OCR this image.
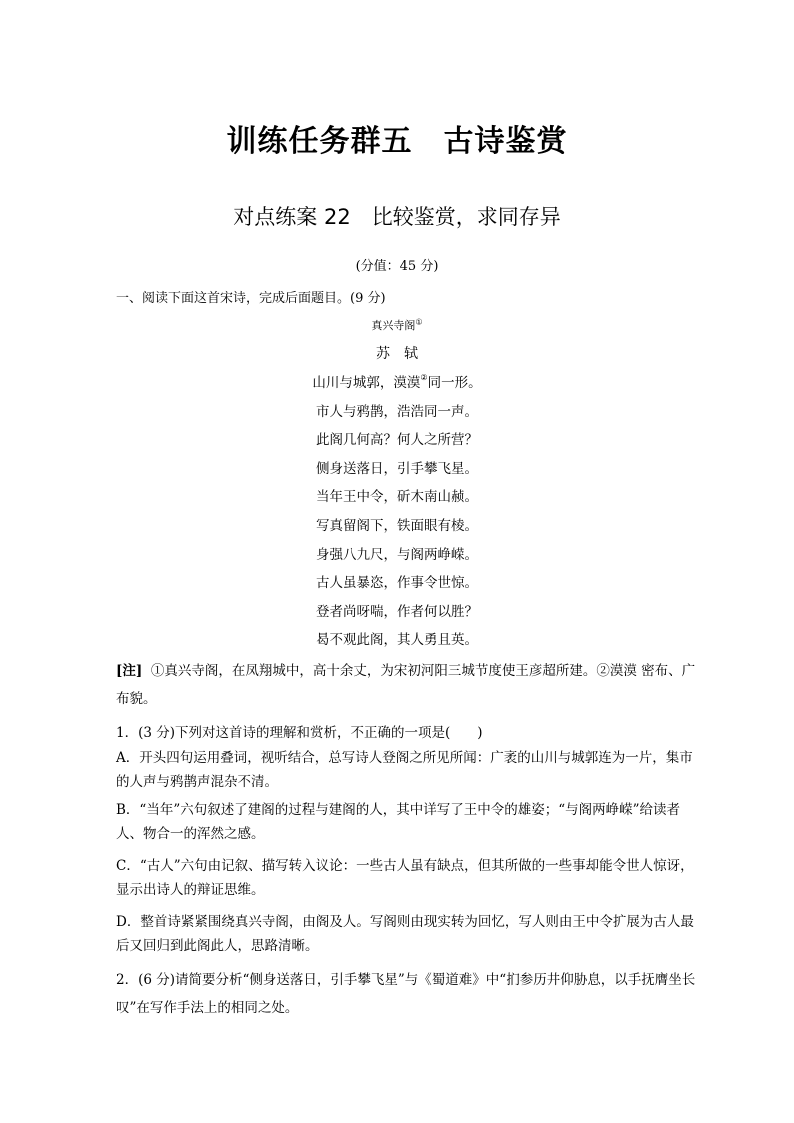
训练任务群五　古诗鉴赏
对点练案 22　比较鉴赏，求同存异
(分值：45 分)
一、阅读下面这首宋诗，完成后面题目。(9 分)
真兴寺阁①
苏　轼
山川与城郭，漠漠②同一形。
市人与鸦鹊，浩浩同一声。
此阁几何高？何人之所营？
侧身送落日，引手攀飞星。
当年王中令，斫木南山赪。
写真留阁下，铁面眼有棱。
身强八九尺，与阁两峥嵘。
古人虽暴恣，作事令世惊。
登者尚呀喘，作者何以胜？
曷不观此阁，其人勇且英。
[注] ①真兴寺阁，在凤翔城中，高十余丈，为宋初河阳三城节度使王彦超所建。②漠漠 密布、广布貌。
1．(3 分)下列对这首诗的理解和赏析，不正确的一项是(　　)
A．开头四句运用叠词，视听结合，总写诗人登阁之所见所闻：广袤的山川与城郭连为一片，集市的人声与鸦鹊声混杂不清。
B．“当年”六句叙述了建阁的过程与建阁的人，其中详写了王中令的雄姿；“与阁两峥嵘”给读者人、物合一的浑然之感。
C．“古人”六句由记叙、描写转入议论：一些古人虽有缺点，但其所做的一些事却能令世人惊讶，显示出诗人的辩证思维。
D．整首诗紧紧围绕真兴寺阁，由阁及人。写阁则由现实转为回忆，写人则由王中令扩展为古人最后又回归到此阁此人，思路清晰。
2．(6 分)请简要分析“侧身送落日，引手攀飞星”与《蜀道难》中“扪参历井仰胁息，以手抚膺坐长叹”在写作手法上的相同之处。
